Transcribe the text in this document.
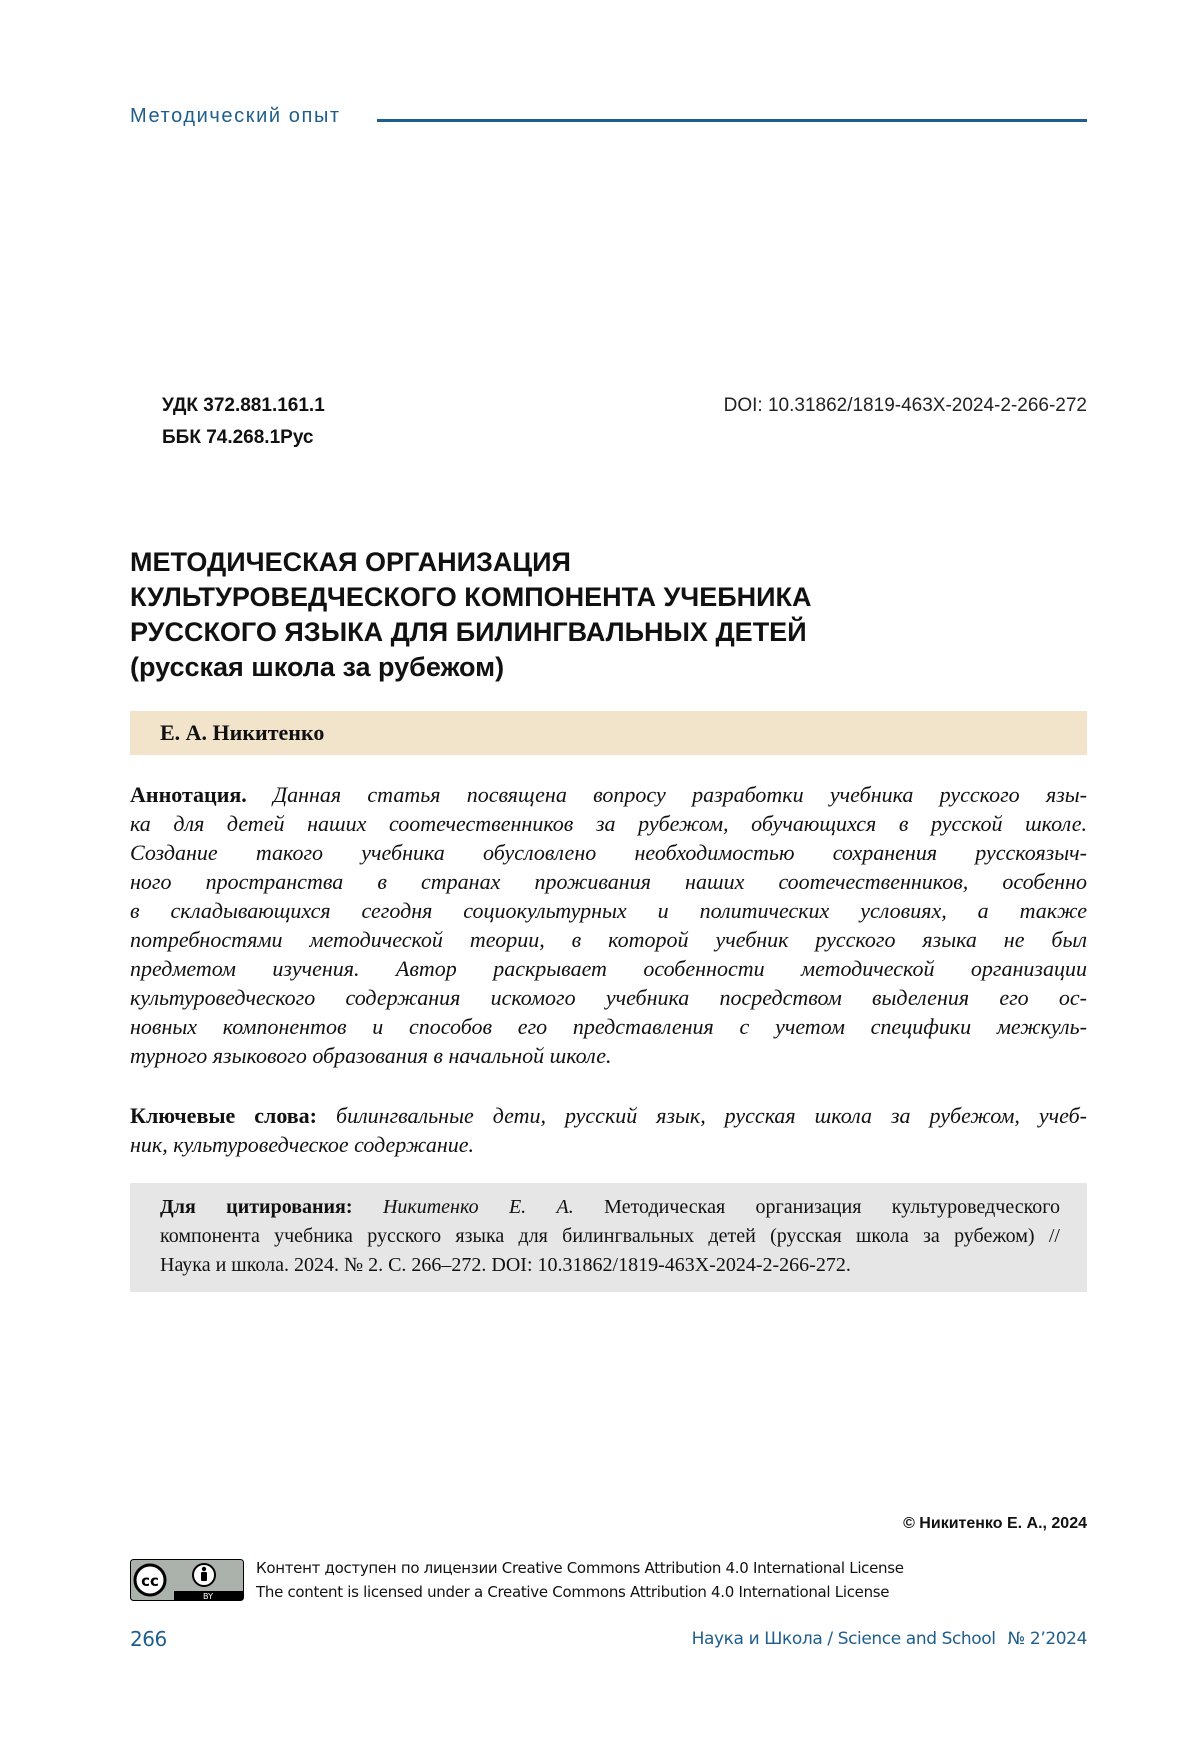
Методический опыт
УДК 372.881.161.1
ББК 74.268.1Рус
DOI: 10.31862/1819-463X-2024-2-266-272
МЕТОДИЧЕСКАЯ ОРГАНИЗАЦИЯ
КУЛЬТУРОВЕДЧЕСКОГО КОМПОНЕНТА УЧЕБНИКА
РУССКОГО ЯЗЫКА ДЛЯ БИЛИНГВАЛЬНЫХ ДЕТЕЙ
(русская школа за рубежом)
Е. А. Никитенко
Аннотация. Данная статья посвящена вопросу разработки учебника русского язы-
ка для детей наших соотечественников за рубежом, обучающихся в русской школе.
Создание такого учебника обусловлено необходимостью сохранения русскоязыч-
ного пространства в странах проживания наших соотечественников, особенно
в складывающихся сегодня социокультурных и политических условиях, а также
потребностями методической теории, в которой учебник русского языка не был
предметом изучения. Автор раскрывает особенности методической организации
культуроведческого содержания искомого учебника посредством выделения его ос-
новных компонентов и способов его представления с учетом специфики межкуль-
турного языкового образования в начальной школе.
Ключевые слова: билингвальные дети, русский язык, русская школа за рубежом, учеб-
ник, культуроведческое содержание.
Для цитирования: Никитенко Е. А. Методическая организация культуроведческого
компонента учебника русского языка для билингвальных детей (русская школа за рубежом) //
Наука и школа. 2024. № 2. С. 266–272. DOI: 10.31862/1819-463X-2024-2-266-272.
© Никитенко Е. А., 2024
cc
BY
Контент доступен по лицензии Creative Commons Attribution 4.0 International License
The content is licensed under a Creative Commons Attribution 4.0 International License
266	Наука и Школа / Science and School № 2’2024
